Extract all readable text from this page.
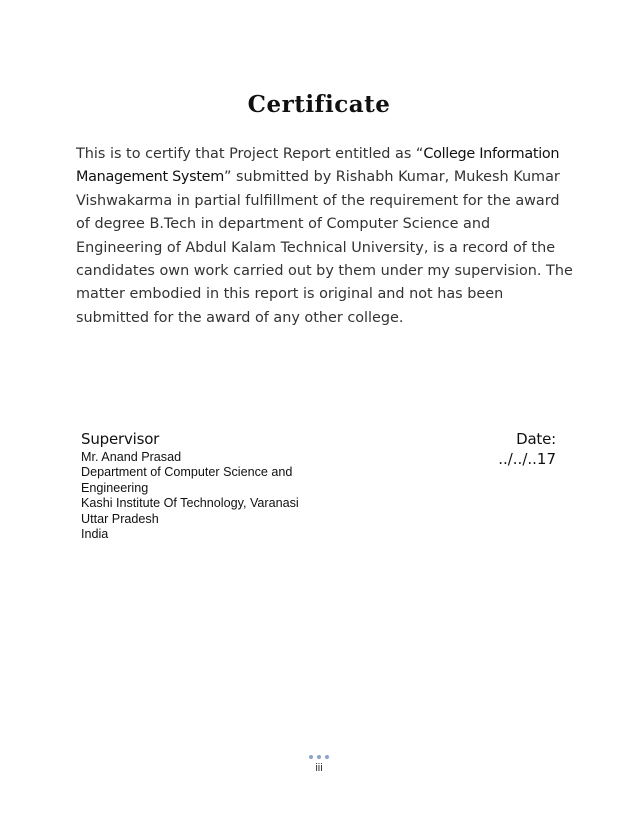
Certificate

This is to certify that Project Report entitled as “College Information Management System” submitted by Rishabh Kumar, Mukesh Kumar Vishwakarma in partial fulfillment of the requirement for the award of degree B.Tech in department of Computer Science and Engineering of Abdul Kalam Technical University, is a record of the candidates own work carried out by them under my supervision. The matter embodied in this report is original and not has been submitted for the award of any other college.

Supervisor
Mr. Anand Prasad
Department of Computer Science and Engineering
Kashi Institute Of Technology, Varanasi
Uttar Pradesh
India
Date:
../../..17
iii
